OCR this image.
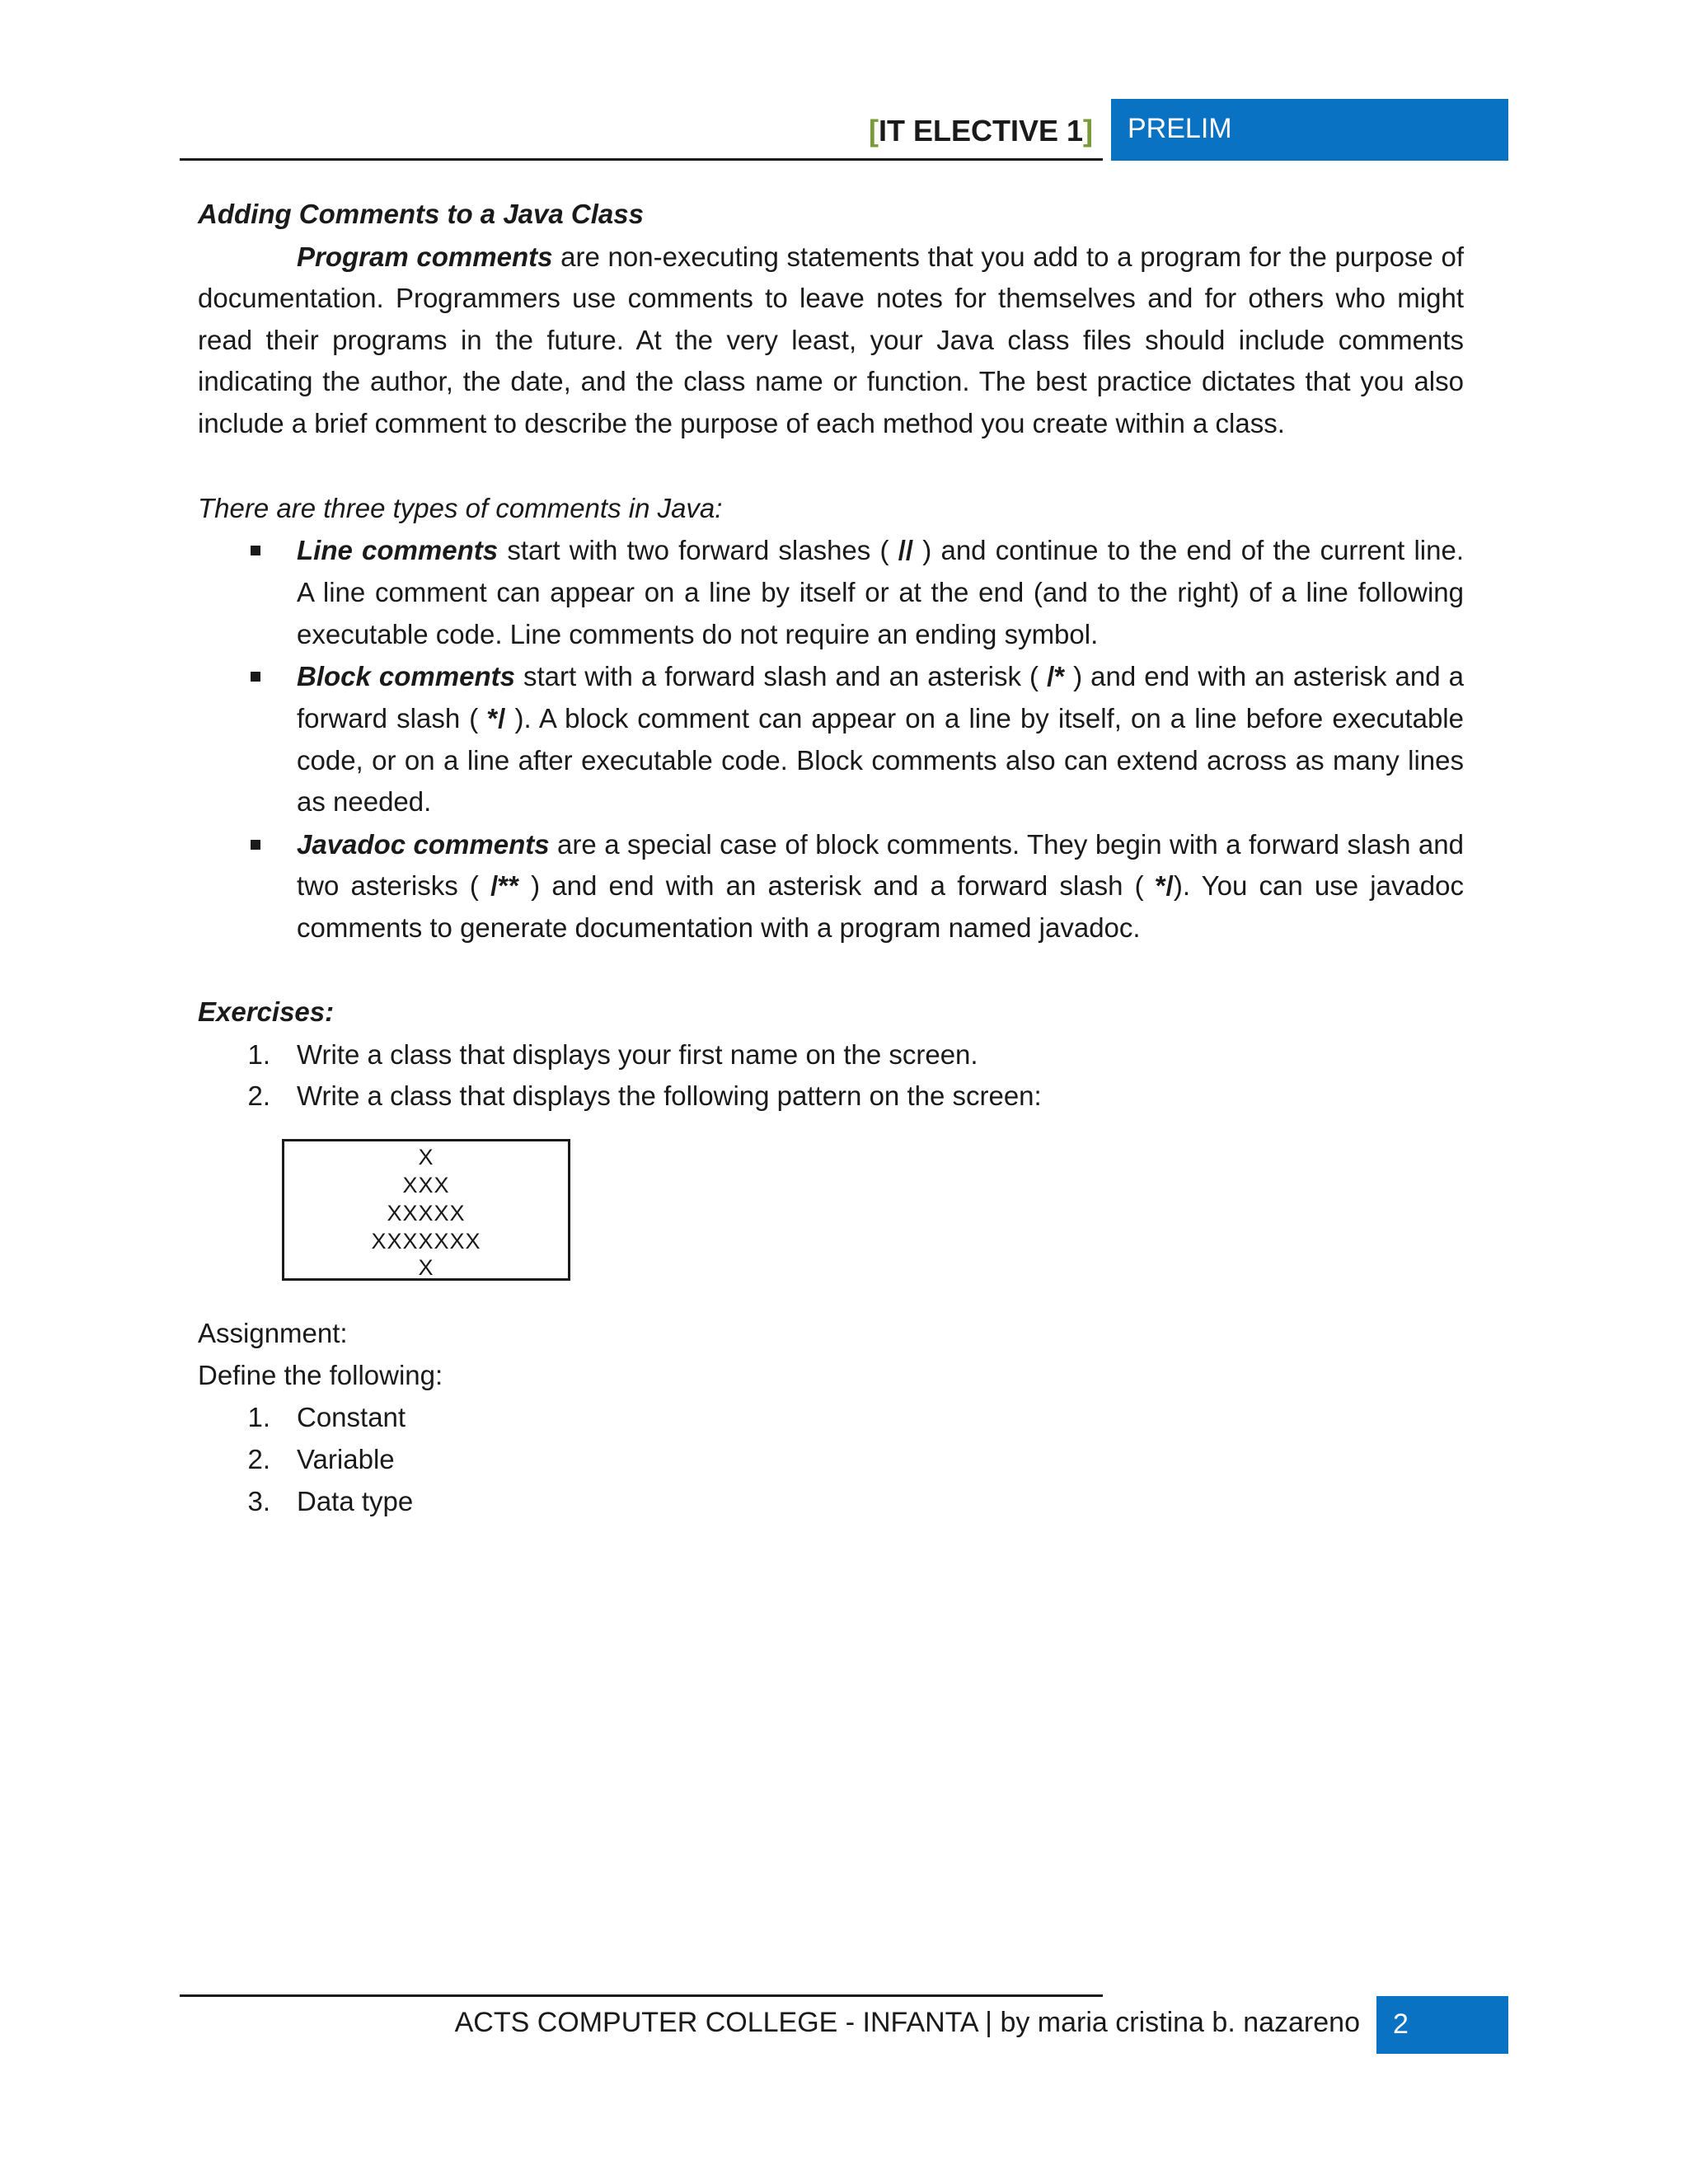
[IT ELECTIVE 1] PRELIM
Adding Comments to a Java Class
Program comments are non-executing statements that you add to a program for the purpose of
documentation. Programmers use comments to leave notes for themselves and for others who might
read their programs in the future. At the very least, your Java class files should include comments
indicating the author, the date, and the class name or function. The best practice dictates that you also
include a brief comment to describe the purpose of each method you create within a class.
There are three types of comments in Java:
Line comments start with two forward slashes ( // ) and continue to the end of the current line.
A line comment can appear on a line by itself or at the end (and to the right) of a line following
executable code. Line comments do not require an ending symbol.
Block comments start with a forward slash and an asterisk ( /* ) and end with an asterisk and a
forward slash ( */ ). A block comment can appear on a line by itself, on a line before executable
code, or on a line after executable code. Block comments also can extend across as many lines
as needed.
Javadoc comments are a special case of block comments. They begin with a forward slash and
two asterisks ( /** ) and end with an asterisk and a forward slash ( */). You can use javadoc
comments to generate documentation with a program named javadoc.
Exercises:
1. Write a class that displays your first name on the screen.
2. Write a class that displays the following pattern on the screen:
X
XXX
XXXXX
XXXXXXX
X
Assignment:
Define the following:
1. Constant
2. Variable
3. Data type
ACTS COMPUTER COLLEGE - INFANTA | by maria cristina b. nazareno 2
